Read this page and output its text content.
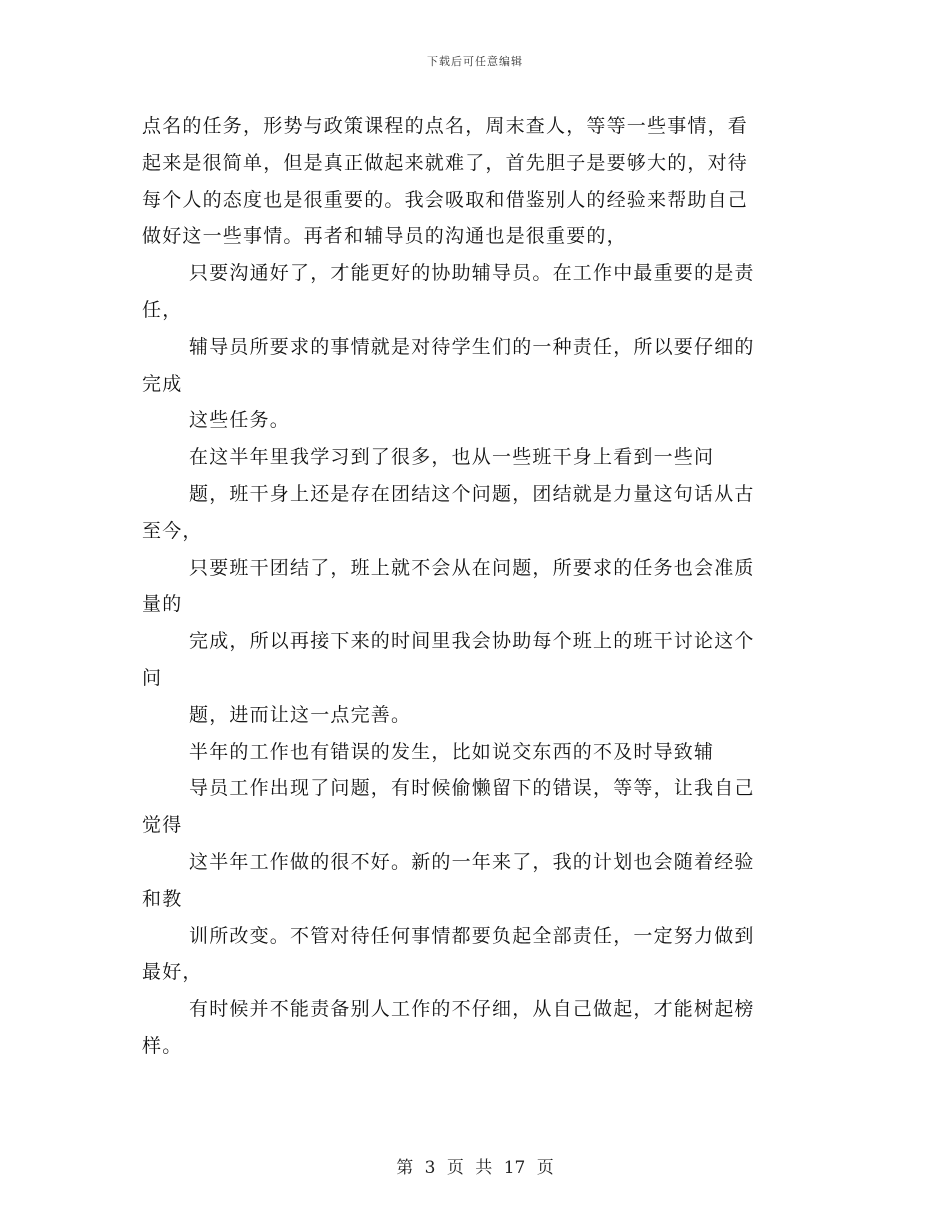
下载后可任意编辑
点名的任务，形势与政策课程的点名，周末查人，等等一些事情，看
起来是很简单，但是真正做起来就难了，首先胆子是要够大的，对待
每个人的态度也是很重要的。我会吸取和借鉴别人的经验来帮助自己
做好这一些事情。再者和辅导员的沟通也是很重要的，
只要沟通好了，才能更好的协助辅导员。在工作中最重要的是责
任，
辅导员所要求的事情就是对待学生们的一种责任，所以要仔细的
完成
这些任务。
在这半年里我学习到了很多，也从一些班干身上看到一些问
题，班干身上还是存在团结这个问题，团结就是力量这句话从古
至今，
只要班干团结了，班上就不会从在问题，所要求的任务也会准质
量的
完成，所以再接下来的时间里我会协助每个班上的班干讨论这个
问
题，进而让这一点完善。
半年的工作也有错误的发生，比如说交东西的不及时导致辅
导员工作出现了问题，有时候偷懒留下的错误，等等，让我自己
觉得
这半年工作做的很不好。新的一年来了，我的计划也会随着经验
和教
训所改变。不管对待任何事情都要负起全部责任，一定努力做到
最好，
有时候并不能责备别人工作的不仔细，从自己做起，才能树起榜
样。
第 3 页 共 17 页
